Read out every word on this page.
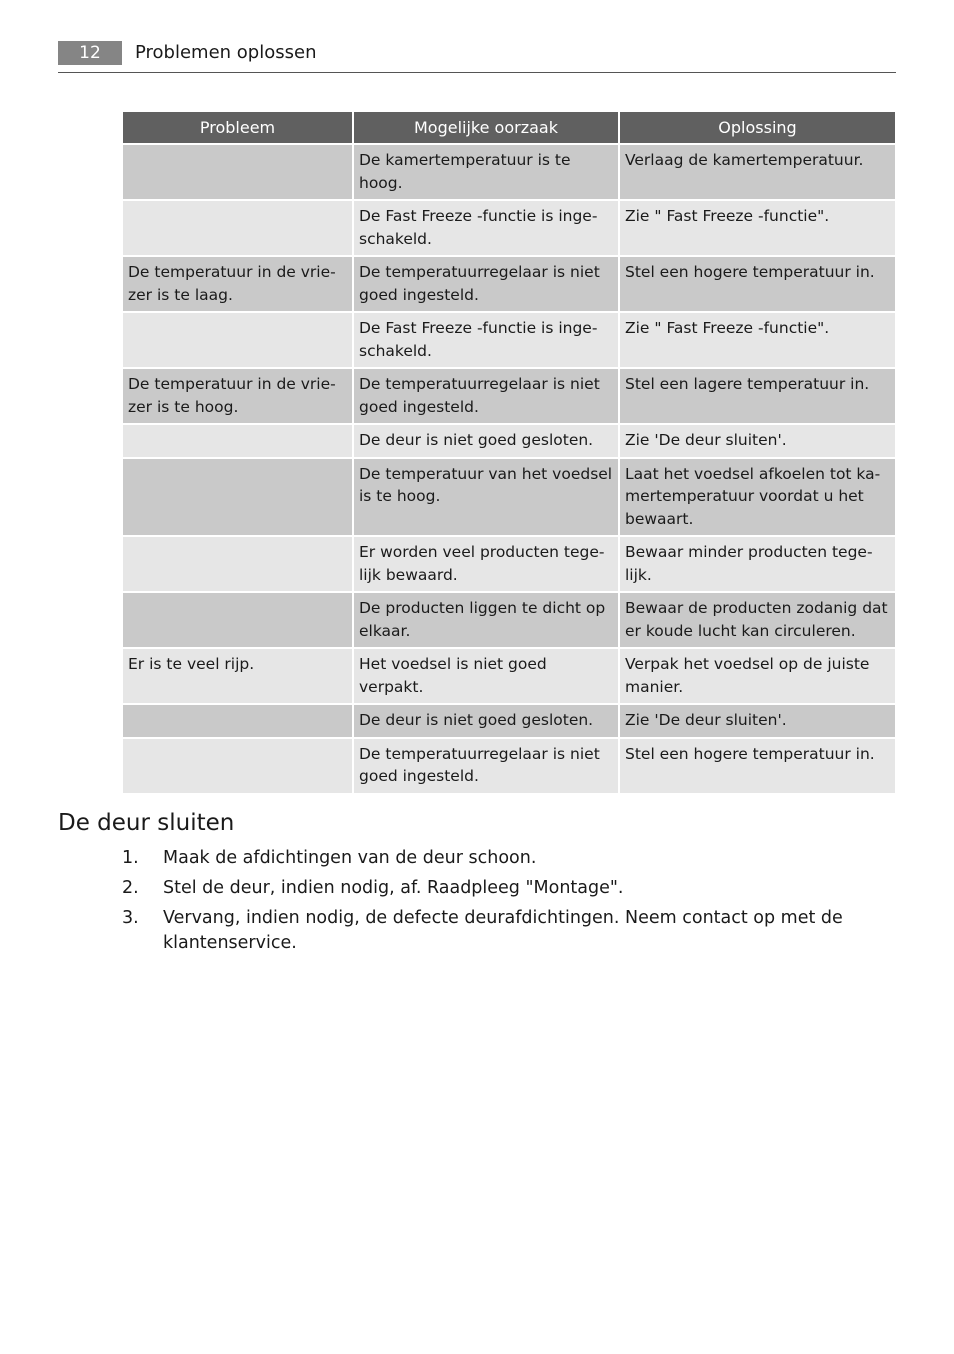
12	Problemen oplossen
Probleem	Mogelijke oorzaak	Oplossing
	De kamertemperatuur is te hoog.	Verlaag de kamertemperatuur.
	De Fast Freeze -functie is ingeschakeld.	Zie " Fast Freeze -functie".
De temperatuur in de vriezer is te laag.	De temperatuurregelaar is niet goed ingesteld.	Stel een hogere temperatuur in.
	De Fast Freeze -functie is ingeschakeld.	Zie " Fast Freeze -functie".
De temperatuur in de vriezer is te hoog.	De temperatuurregelaar is niet goed ingesteld.	Stel een lagere temperatuur in.
	De deur is niet goed gesloten.	Zie 'De deur sluiten'.
	De temperatuur van het voedsel is te hoog.	Laat het voedsel afkoelen tot kamertemperatuur voordat u het bewaart.
	Er worden veel producten tegelijk bewaard.	Bewaar minder producten tegelijk.
	De producten liggen te dicht op elkaar.	Bewaar de producten zodanig dat er koude lucht kan circuleren.
Er is te veel rijp.	Het voedsel is niet goed verpakt.	Verpak het voedsel op de juiste manier.
	De deur is niet goed gesloten.	Zie 'De deur sluiten'.
	De temperatuurregelaar is niet goed ingesteld.	Stel een hogere temperatuur in.
De deur sluiten
1. Maak de afdichtingen van de deur schoon.
2. Stel de deur, indien nodig, af. Raadpleeg "Montage".
3. Vervang, indien nodig, de defecte deurafdichtingen. Neem contact op met de klantenservice.
